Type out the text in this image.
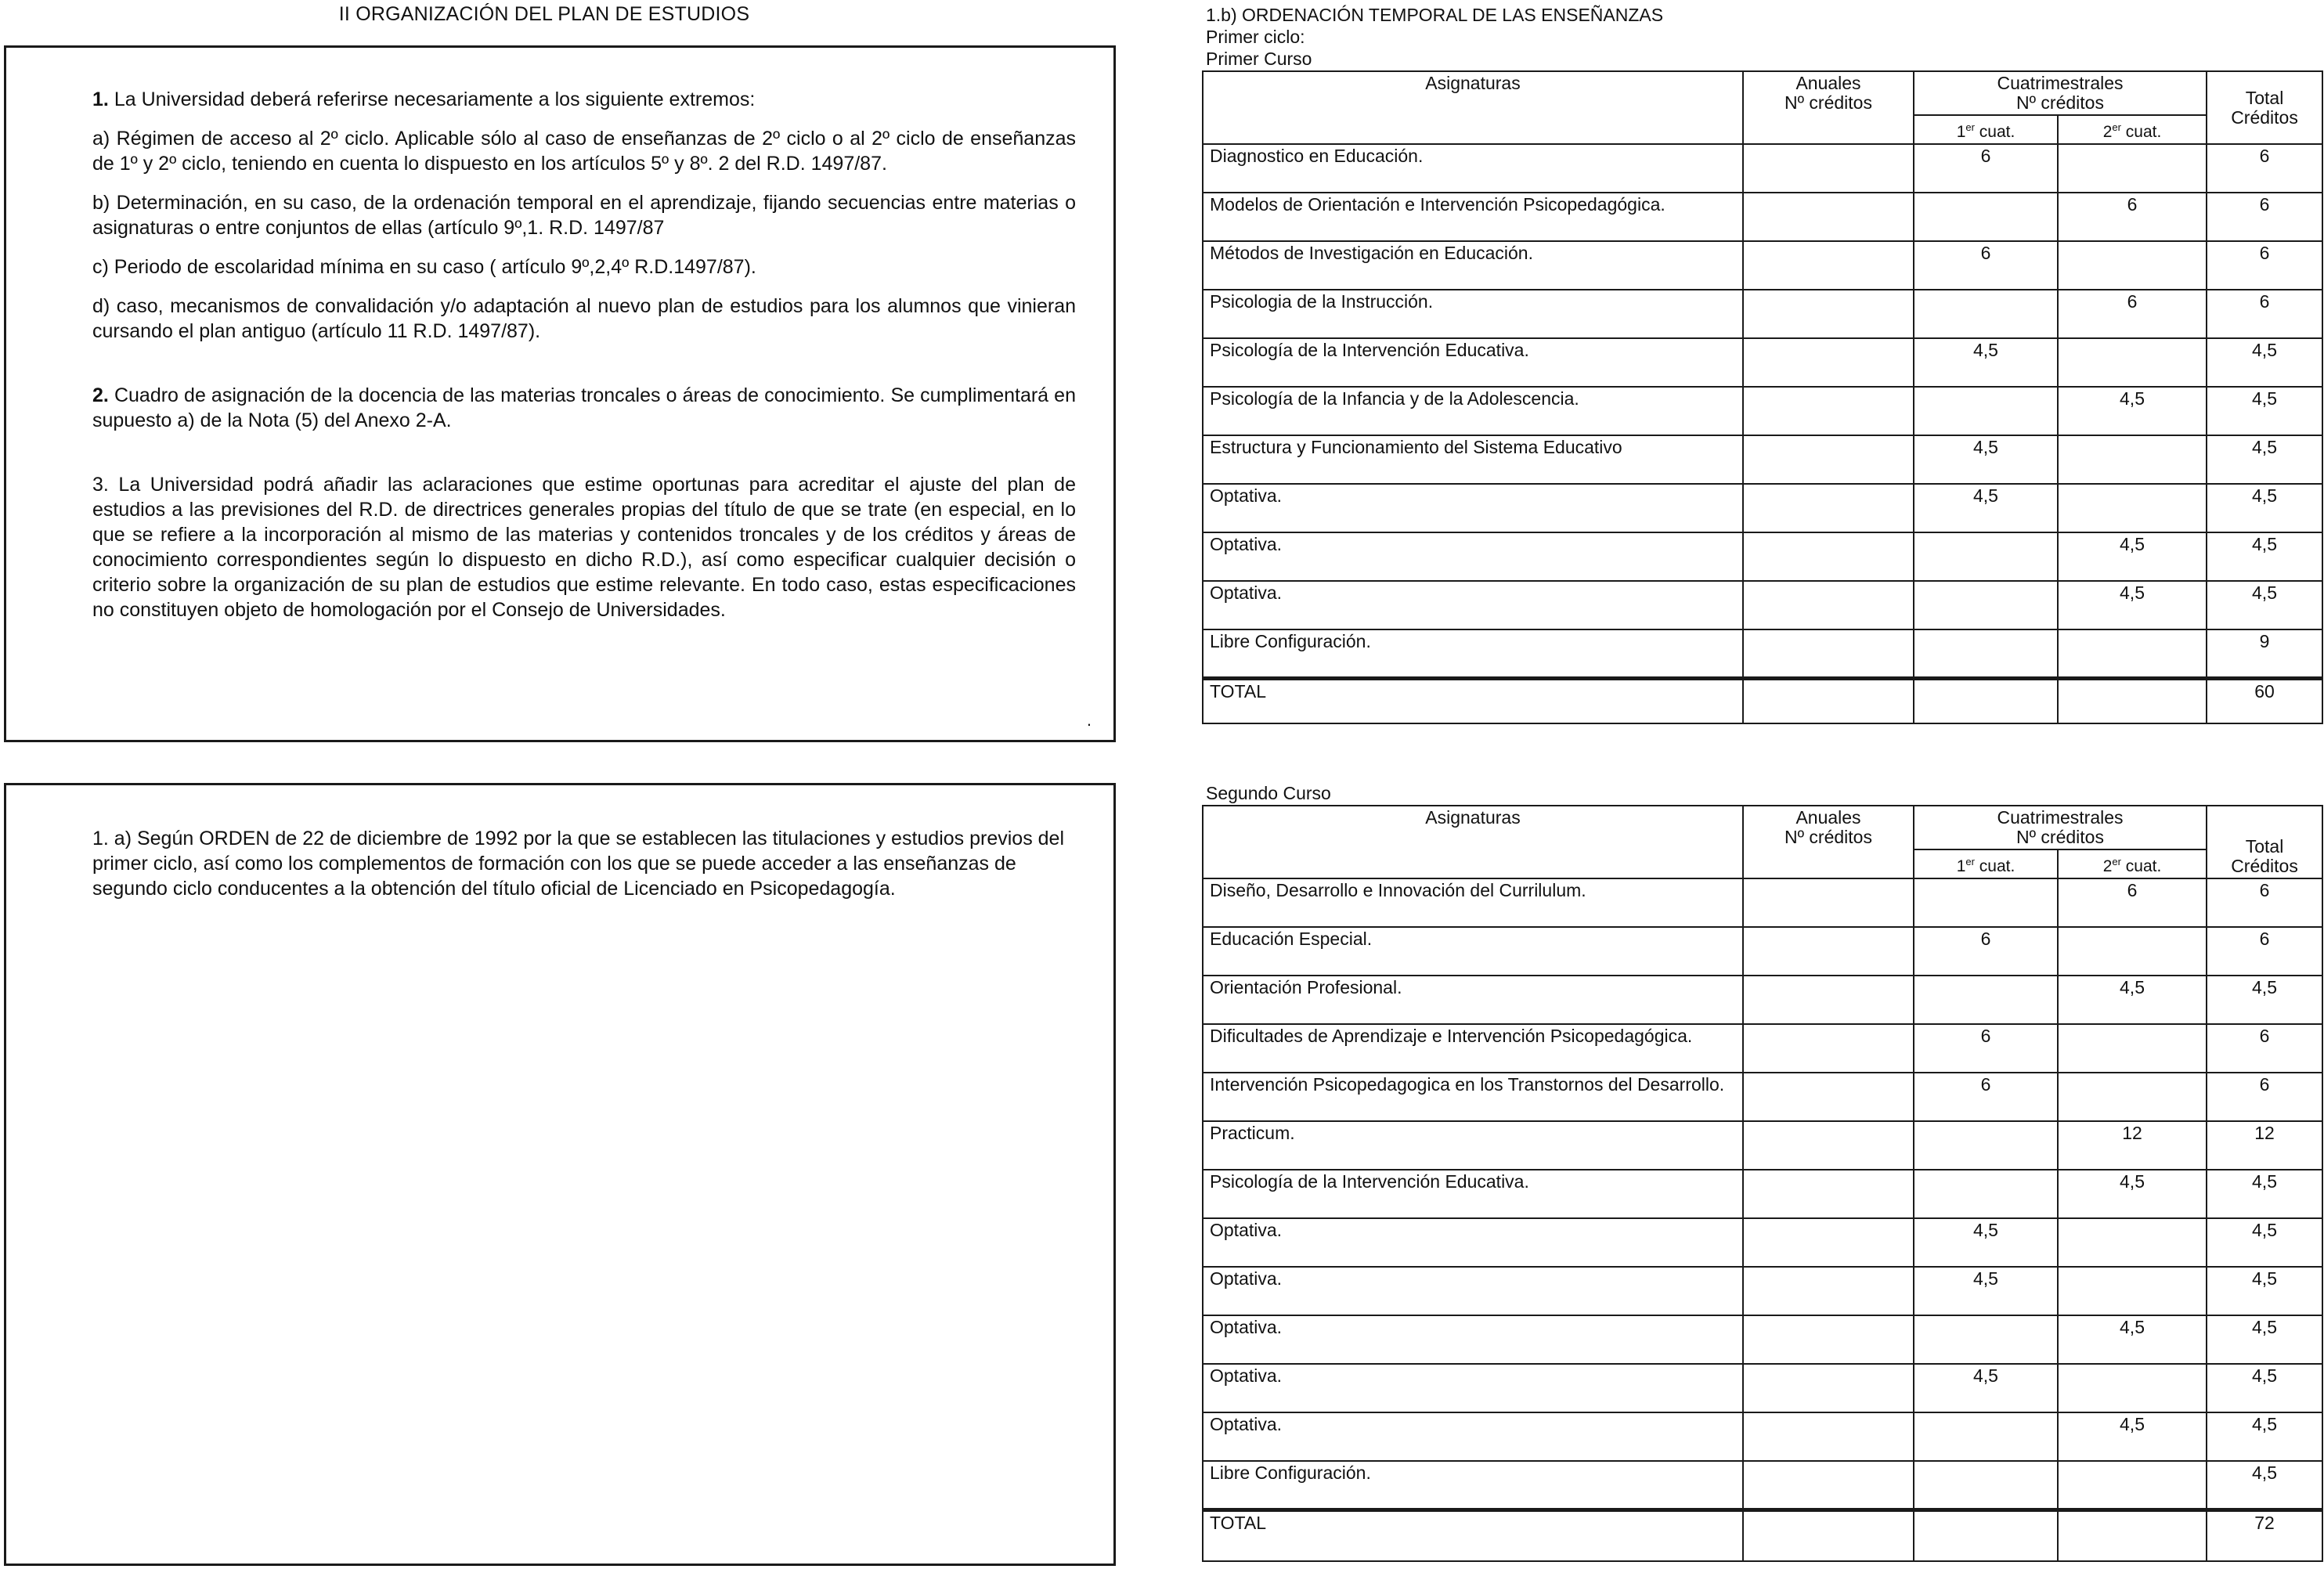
II ORGANIZACIÓN DEL PLAN DE ESTUDIOS

1. La Universidad deberá referirse necesariamente a los siguiente extremos:

a) Régimen de acceso al 2º ciclo. Aplicable sólo al caso de enseñanzas de 2º ciclo o al 2º ciclo de enseñanzas de 1º y 2º ciclo, teniendo en cuenta lo dispuesto en los artículos 5º y 8º. 2 del R.D. 1497/87.

b) Determinación, en su caso, de la ordenación temporal en el aprendizaje, fijando secuencias entre materias o asignaturas o entre conjuntos de ellas (artículo 9º,1. R.D. 1497/87

c) Periodo de escolaridad mínima en su caso ( artículo 9º,2,4º R.D.1497/87).

d) caso, mecanismos de convalidación y/o adaptación al nuevo plan de estudios para los alumnos que vinieran cursando el plan antiguo (artículo 11 R.D. 1497/87).

2. Cuadro de asignación de la docencia de las materias troncales o áreas de conocimiento. Se cumplimentará en supuesto a) de la Nota (5) del Anexo 2-A.

3. La Universidad podrá añadir las aclaraciones que estime oportunas para acreditar el ajuste del plan de estudios a las previsiones del R.D. de directrices generales propias del título de que se trate (en especial, en lo que se refiere a la incorporación al mismo de las materias y contenidos troncales y de los créditos y áreas de conocimiento correspondientes según lo dispuesto en dicho R.D.), así como especificar cualquier decisión o criterio sobre la organización de su plan de estudios que estime relevante. En todo caso, estas especificaciones no constituyen objeto de homologación por el Consejo de Universidades.

.

1. a) Según ORDEN de 22 de diciembre de 1992 por la que se establecen las titulaciones y estudios previos del primer ciclo, así como los complementos de formación con los que se puede acceder a las enseñanzas de segundo ciclo conducentes a la obtención del título oficial de Licenciado en Psicopedagogía.

1.b) ORDENACIÓN TEMPORAL DE LAS ENSEÑANZAS
Primer ciclo:
Primer Curso
Asignaturas	Anuales
Nº créditos	Cuatrimestrales
Nº créditos		Total
Créditos
		1er cuat.	2er cuat.	
Diagnostico en Educación.		6		6
Modelos de Orientación e Intervención Psicopedagógica.			6	6
Métodos de Investigación en Educación.		6		6
Psicologia de la Instrucción.			6	6
Psicología de la Intervención Educativa.		4,5		4,5
Psicología de la Infancia y de la Adolescencia.			4,5	4,5
Estructura y Funcionamiento del Sistema Educativo		4,5		4,5
Optativa.		4,5		4,5
Optativa.			4,5	4,5
Optativa.			4,5	4,5
Libre Configuración.				9
TOTAL				60
Segundo Curso
Asignaturas	Anuales
Nº créditos	Cuatrimestrales
Nº créditos		Total
Créditos
		1er cuat.	2er cuat.	
Diseño, Desarrollo e Innovación del Currilulum.			6	6
Educación Especial.		6		6
Orientación Profesional.			4,5	4,5
Dificultades de Aprendizaje e Intervención Psicopedagógica.		6		6
Intervención Psicopedagogica en los Transtornos del Desarrollo.		6		6
Practicum.			12	12
Psicología de la Intervención Educativa.			4,5	4,5
Optativa.		4,5		4,5
Optativa.		4,5		4,5
Optativa.			4,5	4,5
Optativa.		4,5		4,5
Optativa.			4,5	4,5
Libre Configuración.				4,5
TOTAL				72
